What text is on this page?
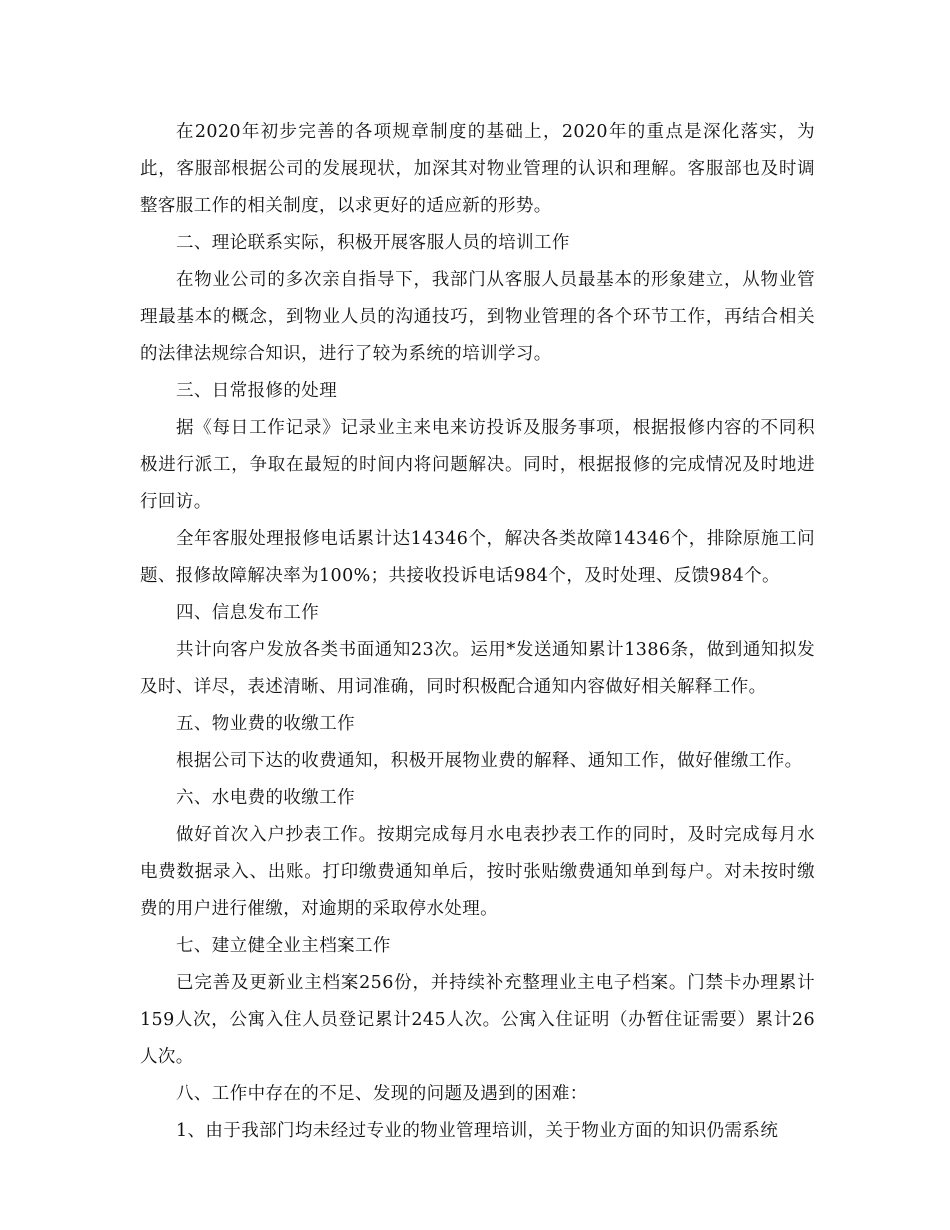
在2020年初步完善的各项规章制度的基础上，2020年的重点是深化落实，为此，客服部根据公司的发展现状，加深其对物业管理的认识和理解。客服部也及时调整客服工作的相关制度，以求更好的适应新的形势。

二、理论联系实际，积极开展客服人员的培训工作

在物业公司的多次亲自指导下，我部门从客服人员最基本的形象建立，从物业管理最基本的概念，到物业人员的沟通技巧，到物业管理的各个环节工作，再结合相关的法律法规综合知识，进行了较为系统的培训学习。

三、日常报修的处理

据《每日工作记录》记录业主来电来访投诉及服务事项，根据报修内容的不同积极进行派工，争取在最短的时间内将问题解决。同时，根据报修的完成情况及时地进行回访。

全年客服处理报修电话累计达14346个，解决各类故障14346个，排除原施工问题、报修故障解决率为100%；共接收投诉电话984个，及时处理、反馈984个。

四、信息发布工作

共计向客户发放各类书面通知23次。运用*发送通知累计1386条，做到通知拟发及时、详尽，表述清晰、用词准确，同时积极配合通知内容做好相关解释工作。

五、物业费的收缴工作

根据公司下达的收费通知，积极开展物业费的解释、通知工作，做好催缴工作。

六、水电费的收缴工作

做好首次入户抄表工作。按期完成每月水电表抄表工作的同时，及时完成每月水电费数据录入、出账。打印缴费通知单后，按时张贴缴费通知单到每户。对未按时缴费的用户进行催缴，对逾期的采取停水处理。

七、建立健全业主档案工作

已完善及更新业主档案256份，并持续补充整理业主电子档案。门禁卡办理累计159人次，公寓入住人员登记累计245人次。公寓入住证明（办暂住证需要）累计26人次。

八、工作中存在的不足、发现的问题及遇到的困难：

1、由于我部门均未经过专业的物业管理培训，关于物业方面的知识仍需系统
